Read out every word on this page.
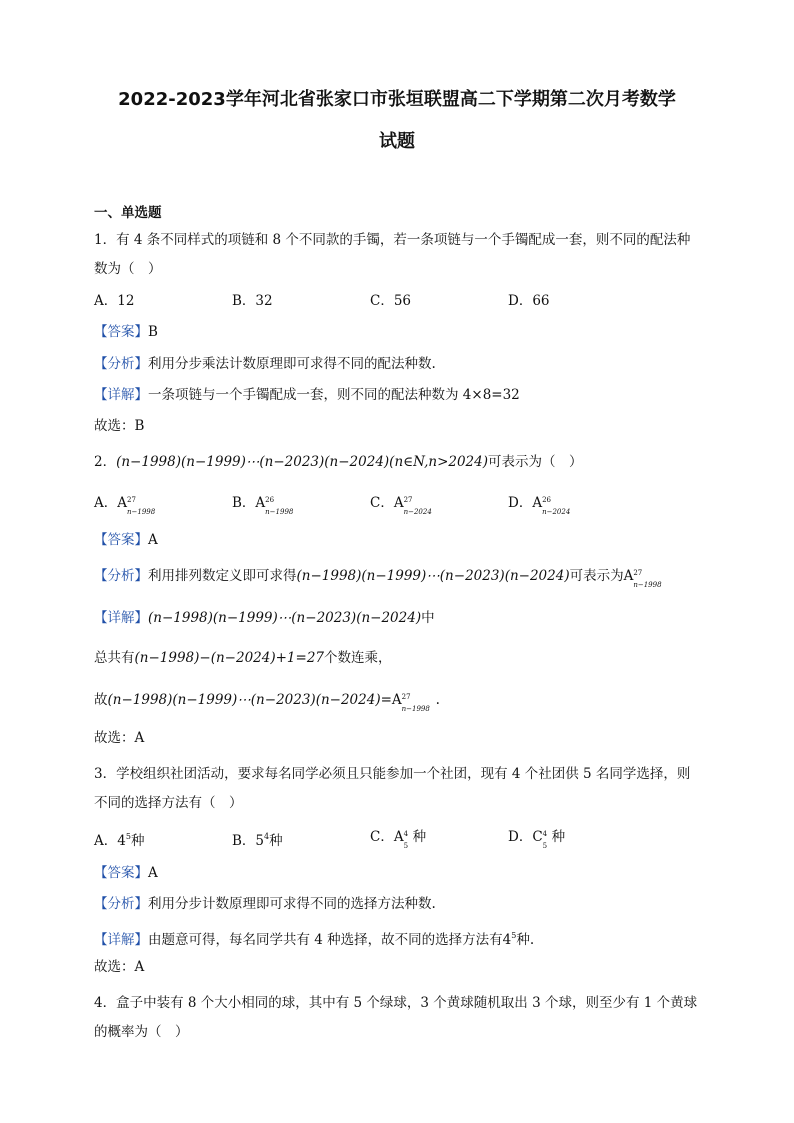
2022-2023学年河北省张家口市张垣联盟高二下学期第二次月考数学
试题
一、单选题
1．有 4 条不同样式的项链和 8 个不同款的手镯，若一条项链与一个手镯配成一套，则不同的配法种
数为（　）
A．12	B．32	C．56	D．66
【答案】B
【分析】利用分步乘法计数原理即可求得不同的配法种数.
【详解】一条项链与一个手镯配成一套，则不同的配法种数为 4×8=32
故选：B
2．(n−1998)(n−1999)⋯(n−2023)(n−2024)(n∈N,n>2024)可表示为（　）
A．A 27
n−1998
B．A 26
n−1998
C．A 27
n−2024
D．A 26
n−2024
【答案】A
【分析】利用排列数定义即可求得(n−1998)(n−1999)⋯(n−2023)(n−2024)可表示为A 27
n−1998
【详解】(n−1998)(n−1999)⋯(n−2023)(n−2024)中
总共有(n−1998)−(n−2024)+1=27个数连乘，
故(n−1998)(n−1999)⋯(n−2023)(n−2024)=A 27
n−1998
.
故选：A
3．学校组织社团活动，要求每名同学必须且只能参加一个社团，现有 4 个社团供 5 名同学选择，则
不同的选择方法有（　）
A．$4^5$种	B．$5^4$种	C．A 4
5
种	D．C 4
5
种
【答案】A
【分析】利用分步计数原理即可求得不同的选择方法种数.
【详解】由题意可得，每名同学共有 4 种选择，故不同的选择方法有$4^5$种.
故选：A
4．盒子中装有 8 个大小相同的球，其中有 5 个绿球，3 个黄球随机取出 3 个球，则至少有 1 个黄球
的概率为（　）
